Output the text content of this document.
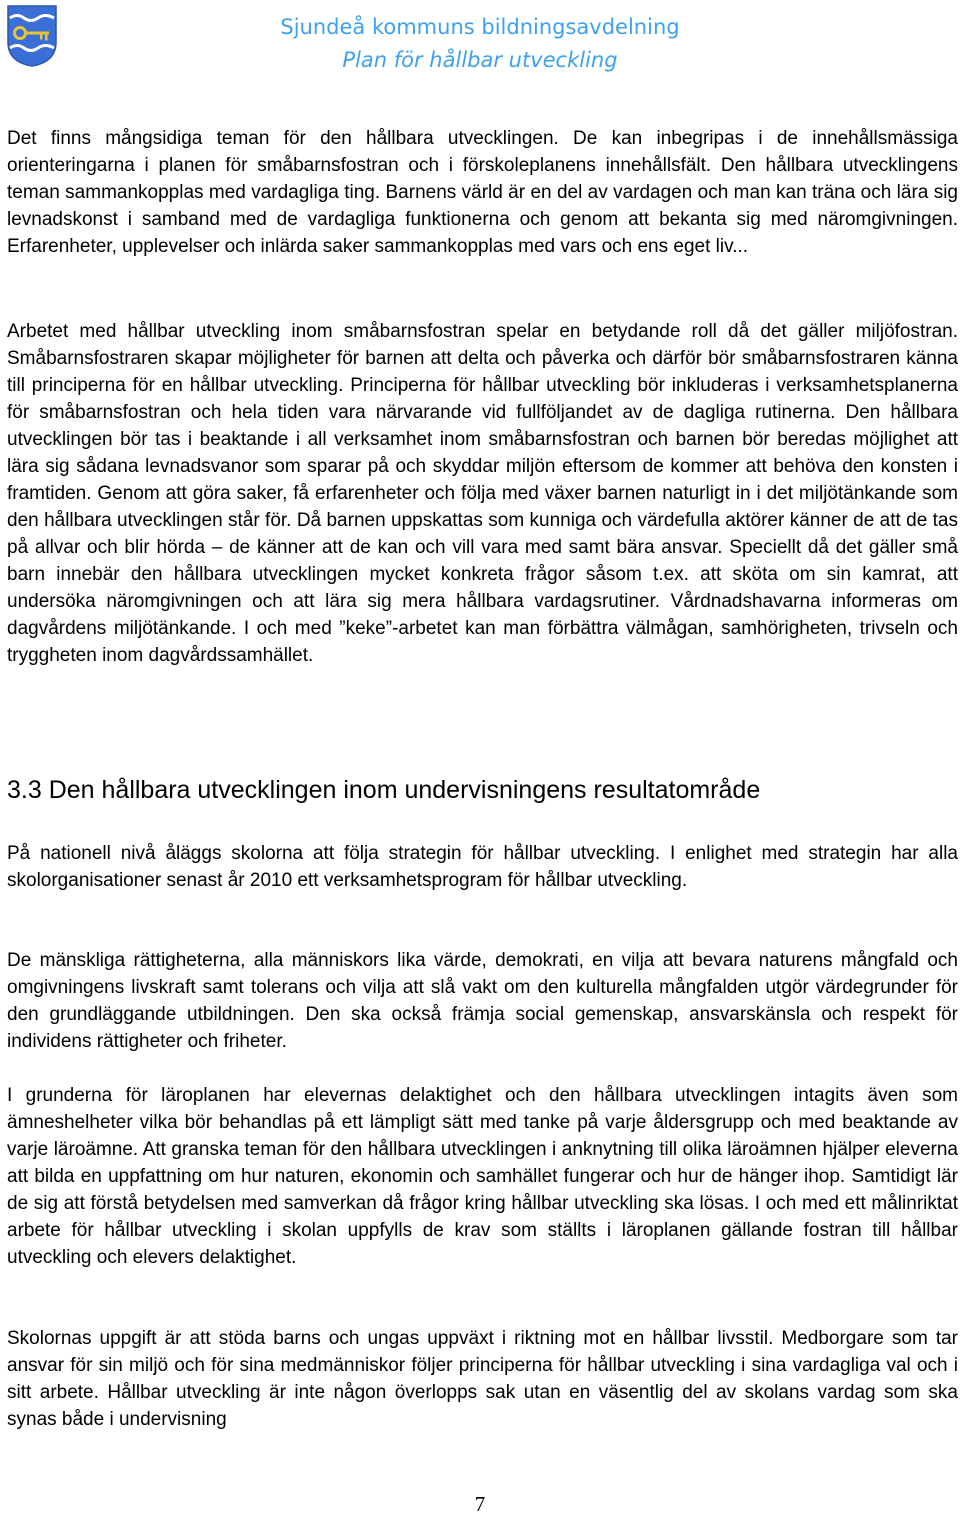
Sjundeå kommuns bildningsavdelning
Plan för hållbar utveckling

Det finns mångsidiga teman för den hållbara utvecklingen. De kan inbegripas i de innehållsmässiga orienteringarna i planen för småbarnsfostran och i förskoleplanens innehållsfält. Den hållbara utvecklingens teman sammankopplas med vardagliga ting. Barnens värld är en del av vardagen och man kan träna och lära sig levnadskonst i samband med de vardagliga funktionerna och genom att bekanta sig med näromgivningen. Erfarenheter, upplevelser och inlärda saker sammankopplas med vars och ens eget liv...

Arbetet med hållbar utveckling inom småbarnsfostran spelar en betydande roll då det gäller miljöfostran. Småbarnsfostraren skapar möjligheter för barnen att delta och påverka och därför bör småbarnsfostraren känna till principerna för en hållbar utveckling. Principerna för hållbar utveckling bör inkluderas i verksamhetsplanerna för småbarnsfostran och hela tiden vara närvarande vid fullföljandet av de dagliga rutinerna. Den hållbara utvecklingen bör tas i beaktande i all verksamhet inom småbarnsfostran och barnen bör beredas möjlighet att lära sig sådana levnadsvanor som sparar på och skyddar miljön eftersom de kommer att behöva den konsten i framtiden. Genom att göra saker, få erfarenheter och följa med växer barnen naturligt in i det miljötänkande som den hållbara utvecklingen står för. Då barnen uppskattas som kunniga och värdefulla aktörer känner de att de tas på allvar och blir hörda – de känner att de kan och vill vara med samt bära ansvar. Speciellt då det gäller små barn innebär den hållbara utvecklingen mycket konkreta frågor såsom t.ex. att sköta om sin kamrat, att undersöka näromgivningen och att lära sig mera hållbara vardagsrutiner. Vårdnadshavarna informeras om dagvårdens miljötänkande. I och med ”keke”-arbetet kan man förbättra välmågan, samhörigheten, trivseln och tryggheten inom dagvårdssamhället.

3.3 Den hållbara utvecklingen inom undervisningens resultatområde

På nationell nivå åläggs skolorna att följa strategin för hållbar utveckling. I enlighet med strategin har alla skolorganisationer senast år 2010 ett verksamhetsprogram för hållbar utveckling.

De mänskliga rättigheterna, alla människors lika värde, demokrati, en vilja att bevara naturens mångfald och omgivningens livskraft samt tolerans och vilja att slå vakt om den kulturella mångfalden utgör värdegrunder för den grundläggande utbildningen. Den ska också främja social gemenskap, ansvarskänsla och respekt för individens rättigheter och friheter.

I grunderna för läroplanen har elevernas delaktighet och den hållbara utvecklingen intagits även som ämneshelheter vilka bör behandlas på ett lämpligt sätt med tanke på varje åldersgrupp och med beaktande av varje läroämne. Att granska teman för den hållbara utvecklingen i anknytning till olika läroämnen hjälper eleverna att bilda en uppfattning om hur naturen, ekonomin och samhället fungerar och hur de hänger ihop. Samtidigt lär de sig att förstå betydelsen med samverkan då frågor kring hållbar utveckling ska lösas. I och med ett målinriktat arbete för hållbar utveckling i skolan uppfylls de krav som ställts i läroplanen gällande fostran till hållbar utveckling och elevers delaktighet.

Skolornas uppgift är att stöda barns och ungas uppväxt i riktning mot en hållbar livsstil. Medborgare som tar ansvar för sin miljö och för sina medmänniskor följer principerna för hållbar utveckling i sina vardagliga val och i sitt arbete. Hållbar utveckling är inte någon överlopps sak utan en väsentlig del av skolans vardag som ska synas både i undervisning

7
